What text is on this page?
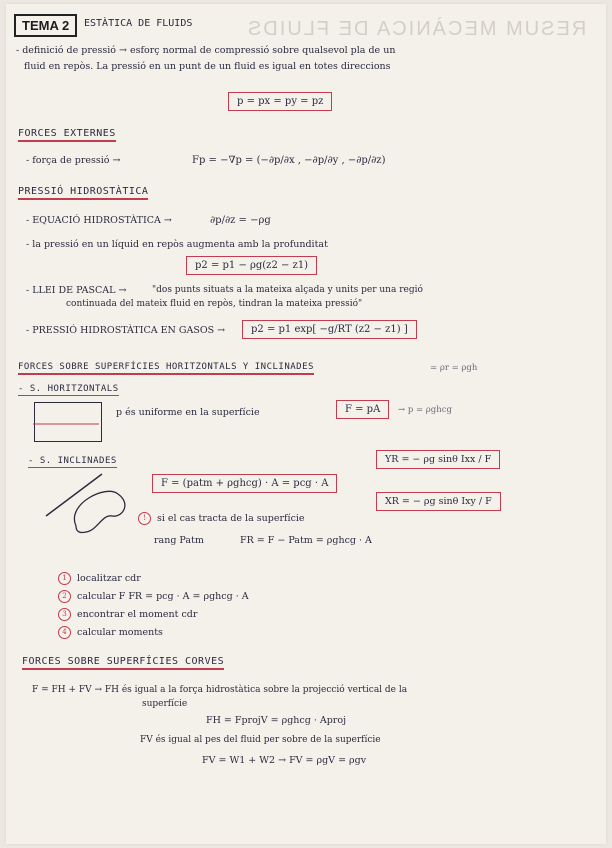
RESUM MECÀNICA DE FLUIDS
TEMA 2	ESTÀTICA DE FLUIDS
- definició de pressió → esforç normal de compressió sobre qualsevol pla de un
fluid en repòs. La pressió en un punt de un fluid es igual en totes direccions
p = px = py = pz
FORCES EXTERNES
- força de pressió →	Fp = −∇p = (−∂p/∂x , −∂p/∂y , −∂p/∂z)
PRESSIÓ HIDROSTÀTICA
- EQUACIÓ HIDROSTÀTICA →	∂p/∂z = −ρg
- la pressió en un líquid en repòs augmenta amb la profunditat
p2 = p1 − ρg(z2 − z1)
- LLEI DE PASCAL →	"dos punts situats a la mateixa alçada y units per una regió
continuada del mateix fluid en repòs, tindran la mateixa pressió"
- PRESSIÓ HIDROSTÀTICA EN GASOS →	p2 = p1 exp[ −g/RT (z2 − z1) ]
FORCES SOBRE SUPERFÍCIES HORITZONTALS Y INCLINADES	= ρr = ρgh
- S. HORITZONTALS
p és uniforme en la superfície	F = pA	→ p = ρghcg
- S. INCLINADES
F = (patm + ρghcg) · A = pcg · A
YR = − ρg sinθ Ixx / F
XR = − ρg sinθ Ixy / F
! si el cas tracta de la superfície
rang Patm	FR = F − Patm = ρghcg · A
1 localitzar cdr
2 calcular F FR = pcg · A = ρghcg · A
3 encontrar el moment cdr
4 calcular moments
FORCES SOBRE SUPERFÍCIES CORVES
F = FH + FV → FH és igual a la força hidrostàtica sobre la projecció vertical de la
superfície
FH = FprojV = ρghcg · Aproj
FV és igual al pes del fluid per sobre de la superfície
FV = W1 + W2 → FV = ρgV = ρgv
